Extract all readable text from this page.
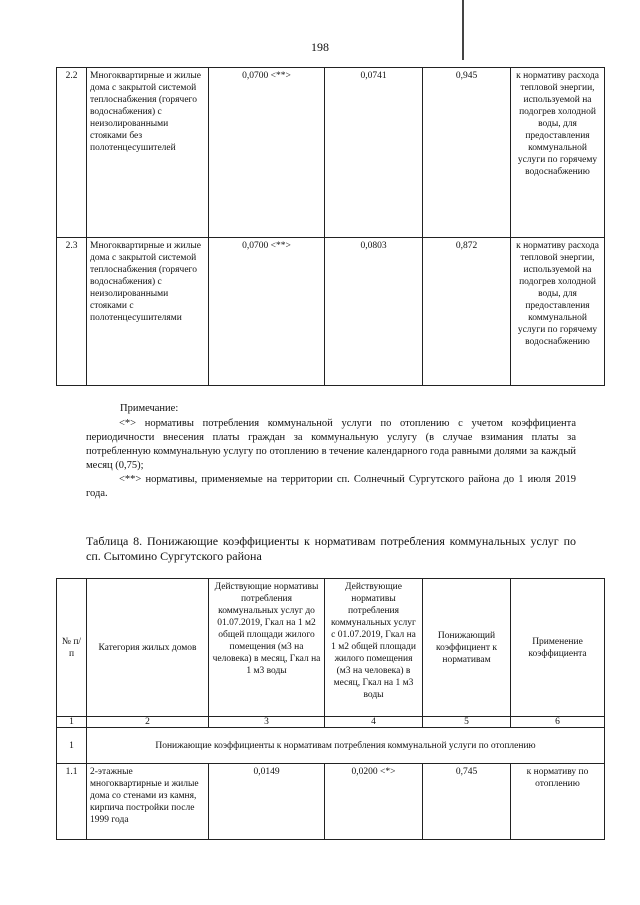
198
2.2	Многоквартирные и жилые дома с закрытой системой теплоснабжения (горячего водоснабжения) с неизолированными стояками без полотенцесушителей	0,0700 <**>	0,0741	0,945	к нормативу расхода тепловой энергии, используемой на подогрев холодной воды, для предоставления коммунальной услуги по горячему водоснабжению
2.3	Многоквартирные и жилые дома с закрытой системой теплоснабжения (горячего водоснабжения) с неизолированными стояками с полотенцесушителями	0,0700 <**>	0,0803	0,872	к нормативу расхода тепловой энергии, используемой на подогрев холодной воды, для предоставления коммунальной услуги по горячему водоснабжению
Примечание:
<*> нормативы потребления коммунальной услуги по отоплению с учетом коэффициента периодичности внесения платы граждан за коммунальную услугу (в случае взимания платы за потребленную коммунальную услугу по отоплению в течение календарного года равными долями за каждый месяц (0,75);
<**> нормативы, применяемые на территории сп. Солнечный Сургутского района до 1 июля 2019 года.
Таблица 8. Понижающие коэффициенты к нормативам потребления коммунальных услуг по сп. Сытомино Сургутского района
№ п/п	Категория жилых домов	Действующие нормативы потребления коммунальных услуг до 01.07.2019, Гкал на 1 м2 общей площади жилого помещения (м3 на человека) в месяц, Гкал на 1 м3 воды	Действующие нормативы потребления коммунальных услуг с 01.07.2019, Гкал на 1 м2 общей площади жилого помещения (м3 на человека) в месяц, Гкал на 1 м3 воды	Понижающий коэффициент к нормативам	Применение коэффициента
1	2	3	4	5	6
1	Понижающие коэффициенты к нормативам потребления коммунальной услуги по отоплению				
1.1	2-этажные многоквартирные и жилые дома со стенами из камня, кирпича постройки после 1999 года	0,0149	0,0200 <*>	0,745	к нормативу по отоплению
